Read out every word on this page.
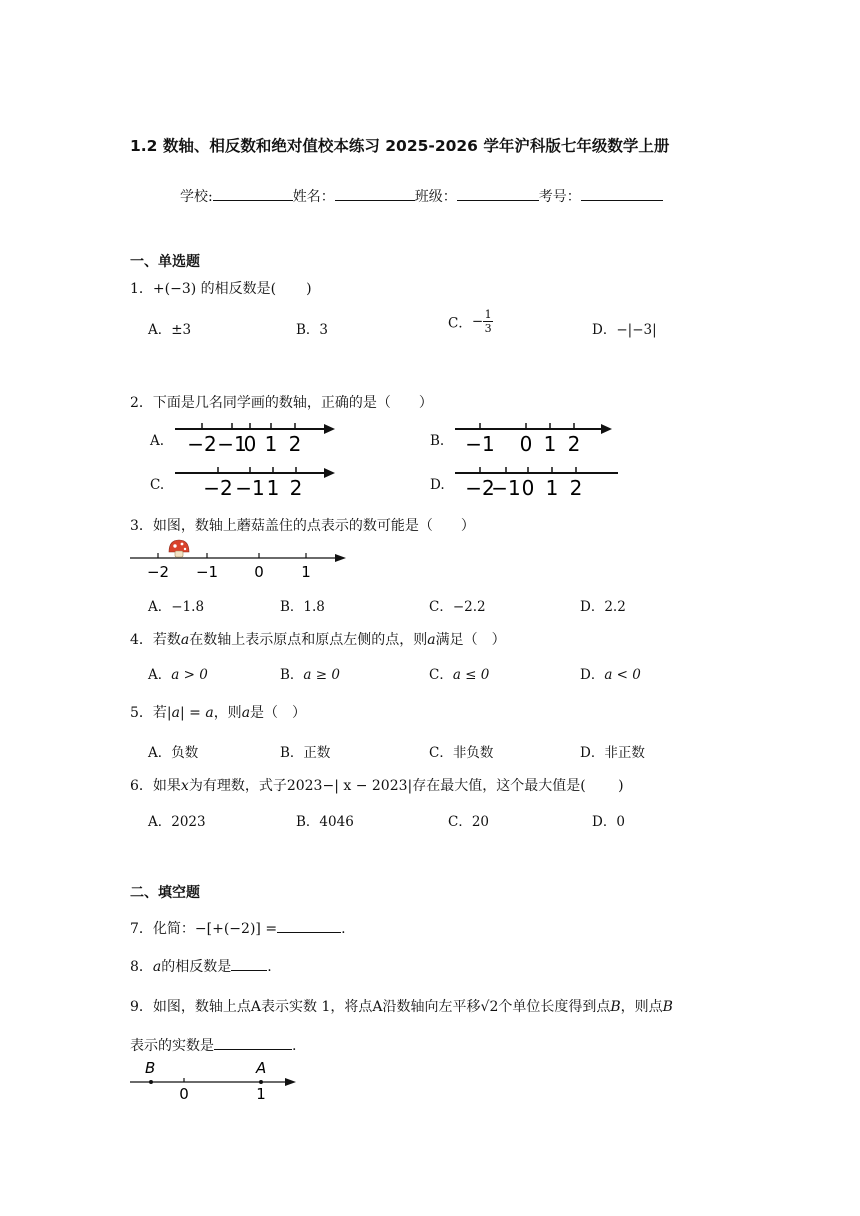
1.2 数轴、相反数和绝对值校本练习 2025-2026 学年沪科版七年级数学上册
学校:	姓名：	班级：	考号：
一、单选题
1．+(−3) 的相反数是( )
A．±3	B．3	C．− $\frac{1}{3}$	D．−|−3|
2．下面是几名同学画的数轴，正确的是（　　）
A. −2 −1
0 1 2	B. −1 0 1 2
C. −2 −1 1 2	D. −2
−1 0 1 2
3．如图，数轴上蘑菇盖住的点表示的数可能是（　　）
−2 −1 0 1
A．−1.8	B．1.8	C．−2.2	D．2.2
4．若数a在数轴上表示原点和原点左侧的点，则a满足（　）
A．a > 0	B．a ≥ 0	C．a ≤ 0	D．a < 0
5．若|a| = a，则a是（　）
A．负数	B．正数	C．非负数	D．非正数
6．如果x为有理数，式子2023−| x − 2023|存在最大值，这个最大值是(　　 )
A．2023	B．4046	C．20	D．0
二、填空题
7．化简：−[+(−2)] =	.
8．a的相反数是	.
9．如图，数轴上点A表示实数 1，将点A沿数轴向左平移√2个单位长度得到点B，则点B
表示的实数是	.
B
0
A
1
